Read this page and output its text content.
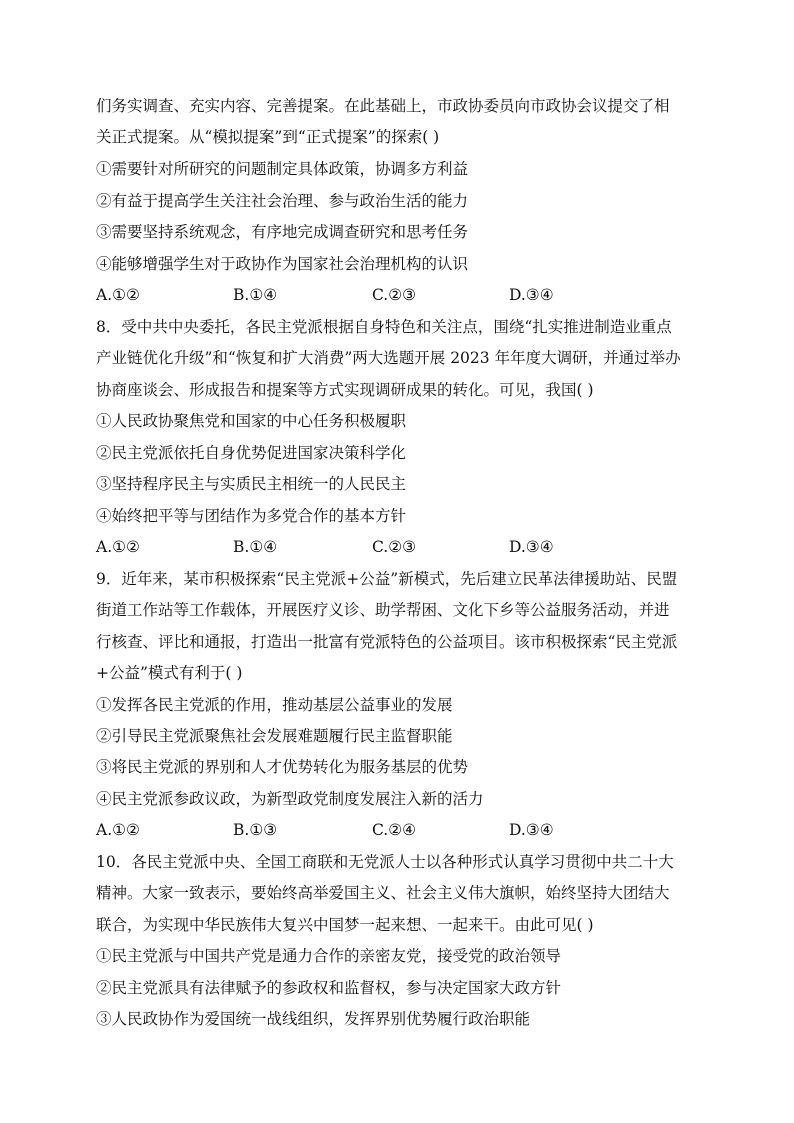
们务实调查、充实内容、完善提案。在此基础上，市政协委员向市政协会议提交了相
关正式提案。从“模拟提案”到“正式提案”的探索( )
①需要针对所研究的问题制定具体政策，协调多方利益
②有益于提高学生关注社会治理、参与政治生活的能力
③需要坚持系统观念，有序地完成调查研究和思考任务
④能够增强学生对于政协作为国家社会治理机构的认识
A.①②	B.①④	C.②③	D.③④
8．受中共中央委托，各民主党派根据自身特色和关注点，围绕“扎实推进制造业重点
产业链优化升级”和“恢复和扩大消费”两大选题开展 2023 年年度大调研，并通过举办
协商座谈会、形成报告和提案等方式实现调研成果的转化。可见，我国( )
①人民政协聚焦党和国家的中心任务积极履职
②民主党派依托自身优势促进国家决策科学化
③坚持程序民主与实质民主相统一的人民民主
④始终把平等与团结作为多党合作的基本方针
A.①②	B.①④	C.②③	D.③④
9．近年来，某市积极探索“民主党派+公益”新模式，先后建立民革法律援助站、民盟
街道工作站等工作载体，开展医疗义诊、助学帮困、文化下乡等公益服务活动，并进
行核查、评比和通报，打造出一批富有党派特色的公益项目。该市积极探索“民主党派
+公益”模式有利于( )
①发挥各民主党派的作用，推动基层公益事业的发展
②引导民主党派聚焦社会发展难题履行民主监督职能
③将民主党派的界别和人才优势转化为服务基层的优势
④民主党派参政议政，为新型政党制度发展注入新的活力
A.①②	B.①③	C.②④	D.③④
10．各民主党派中央、全国工商联和无党派人士以各种形式认真学习贯彻中共二十大
精神。大家一致表示，要始终高举爱国主义、社会主义伟大旗帜，始终坚持大团结大
联合，为实现中华民族伟大复兴中国梦一起来想、一起来干。由此可见( )
①民主党派与中国共产党是通力合作的亲密友党，接受党的政治领导
②民主党派具有法律赋予的参政权和监督权，参与决定国家大政方针
③人民政协作为爱国统一战线组织，发挥界别优势履行政治职能
